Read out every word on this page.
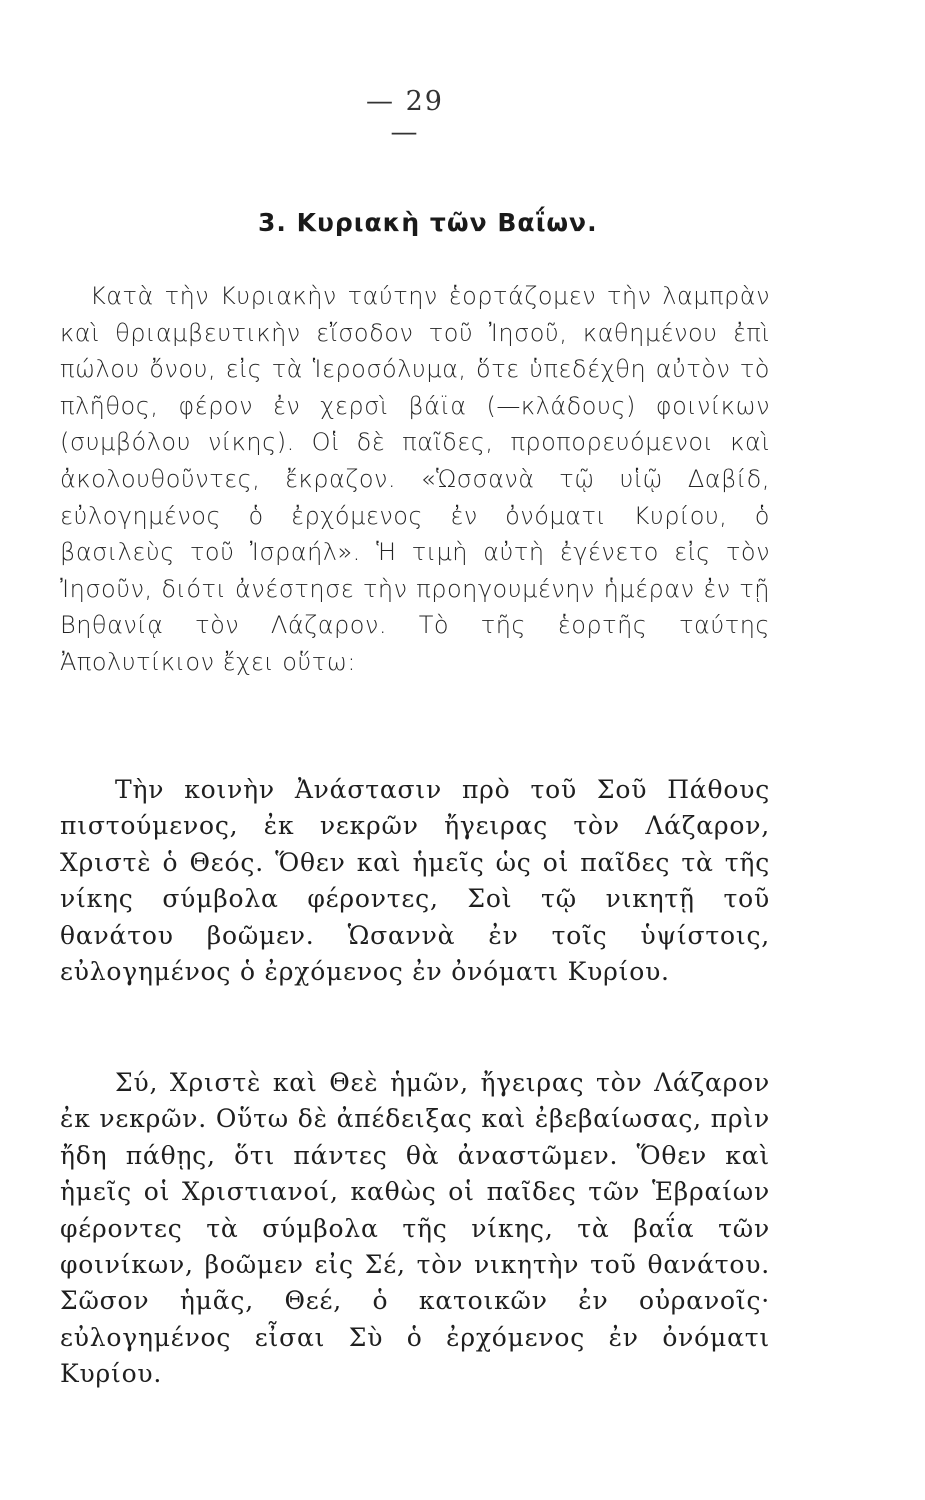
— 29 —
3. Κυριακὴ τῶν Βαΐων.

Κατὰ τὴν Κυριακὴν ταύτην ἑορτάζομεν τὴν λαμπρὰν καὶ θριαμβευτικὴν εἴσοδον τοῦ Ἰησοῦ, καθημένου ἐπὶ πώλου ὄνου, εἰς τὰ Ἱεροσόλυμα, ὅτε ὑπεδέχθη αὐτὸν τὸ πλῆθος, φέρον ἐν χερσὶ βάϊα (—κλάδους) φοινίκων (συμβόλου νίκης). Οἱ δὲ παῖδες, προπορευόμενοι καὶ ἀκολουθοῦντες, ἔκραζον. «Ὡσσανὰ τῷ υἱῷ Δαβίδ, εὐλογημένος ὁ ἐρχόμενος ἐν ὀνόματι Κυρίου, ὁ βασιλεὺς τοῦ Ἰσραήλ». Ἡ τιμὴ αὐτὴ ἐγένετο εἰς τὸν Ἰησοῦν, διότι ἀνέστησε τὴν προηγουμένην ἡμέραν ἐν τῇ Βηθανίᾳ τὸν Λάζαρον. Τὸ τῆς ἑορτῆς ταύτης Ἀπολυτίκιον ἔχει οὕτω:

Τὴν κοινὴν Ἀνάστασιν πρὸ τοῦ Σοῦ Πάθους πιστούμενος, ἐκ νεκρῶν ἤγειρας τὸν Λάζαρον, Χριστὲ ὁ Θεός. Ὅθεν καὶ ἡμεῖς ὡς οἱ παῖδες τὰ τῆς νίκης σύμβολα φέροντες, Σοὶ τῷ νικητῇ τοῦ θανάτου βοῶμεν. Ὡσαννὰ ἐν τοῖς ὑψίστοις, εὐλογημένος ὁ ἐρχόμενος ἐν ὀνόματι Κυρίου.

Σύ, Χριστὲ καὶ Θεὲ ἡμῶν, ἤγειρας τὸν Λάζαρον ἐκ νεκρῶν. Οὕτω δὲ ἀπέδειξας καὶ ἐβεβαίωσας, πρὶν ἤδη πάθῃς, ὅτι πάντες θὰ ἀναστῶμεν. Ὅθεν καὶ ἡμεῖς οἱ Χριστιανοί, καθὼς οἱ παῖδες τῶν Ἑβραίων φέροντες τὰ σύμβολα τῆς νίκης, τὰ βαΐα τῶν φοινίκων, βοῶμεν εἰς Σέ, τὸν νικητὴν τοῦ θανάτου. Σῶσον ἡμᾶς, Θεέ, ὁ κατοικῶν ἐν οὐρανοῖς· εὐλογημένος εἶσαι Σὺ ὁ ἐρχόμενος ἐν ὀνόματι Κυρίου.
